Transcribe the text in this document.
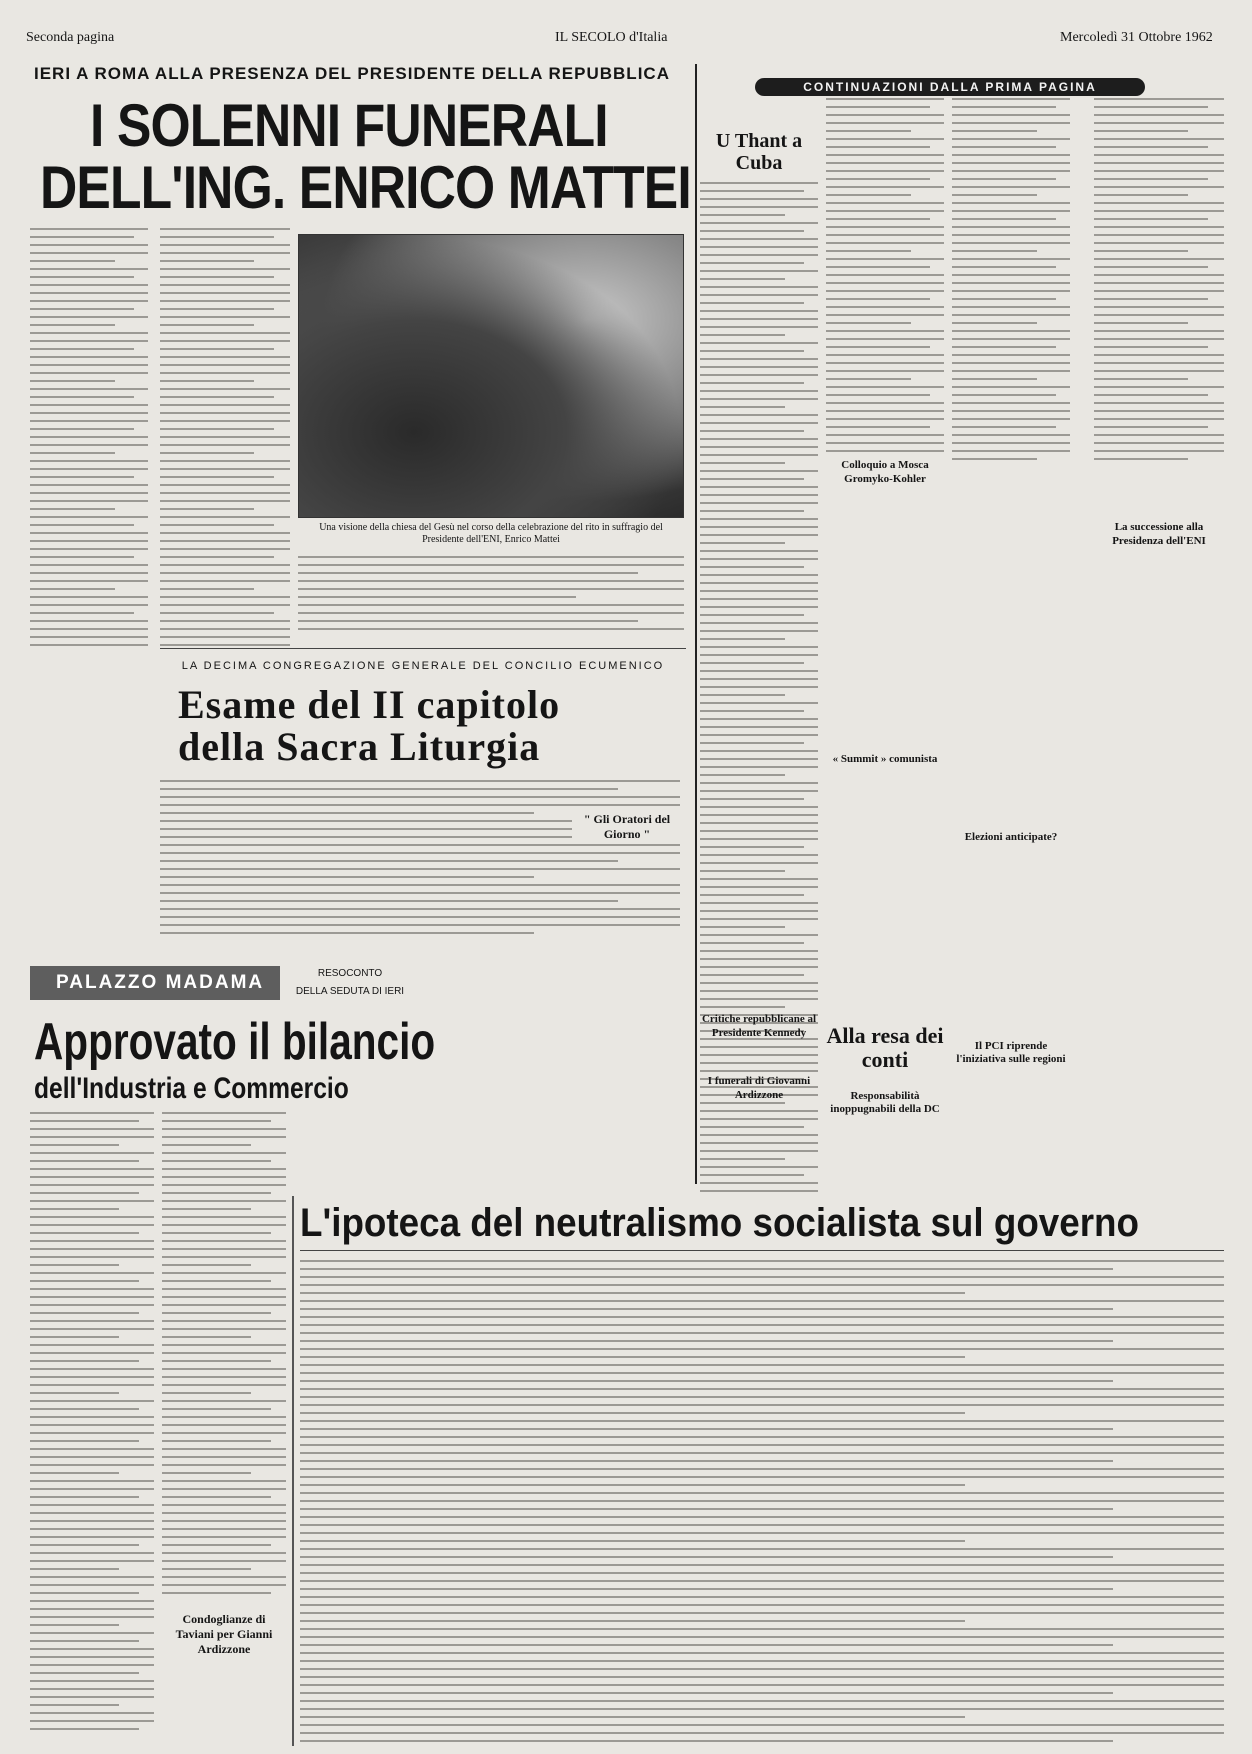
Seconda pagina	IL SECOLO d'Italia	Mercoledì 31 Ottobre 1962
IERI A ROMA ALLA PRESENZA DEL PRESIDENTE DELLA REPUBBLICA
I SOLENNI FUNERALI
DELL'ING. ENRICO MATTEI
Una visione della chiesa del Gesù nel corso della celebrazione del rito in suffragio del Presidente dell'ENI, Enrico Mattei
CONTINUAZIONI DALLA PRIMA PAGINA
U Thant a Cuba
Critiche repubblicane al Presidente Kennedy
I funerali di Giovanni Ardizzone
Colloquio a Mosca Gromyko-Kohler
« Summit » comunista
Alla resa dei conti
Responsabilità inoppugnabili della DC
Elezioni anticipate?
Il PCI riprende l'iniziativa sulle regioni
La successione alla Presidenza dell'ENI
LA DECIMA CONGREGAZIONE GENERALE DEL CONCILIO ECUMENICO
Esame del II capitolo
della Sacra Liturgia
" Gli Oratori del Giorno "
PALAZZO MADAMA	RESOCONTO
DELLA SEDUTA DI IERI
Approvato il bilancio
dell'Industria e Commercio
Condoglianze di Taviani per Gianni Ardizzone
L'ipoteca del neutralismo socialista sul governo
